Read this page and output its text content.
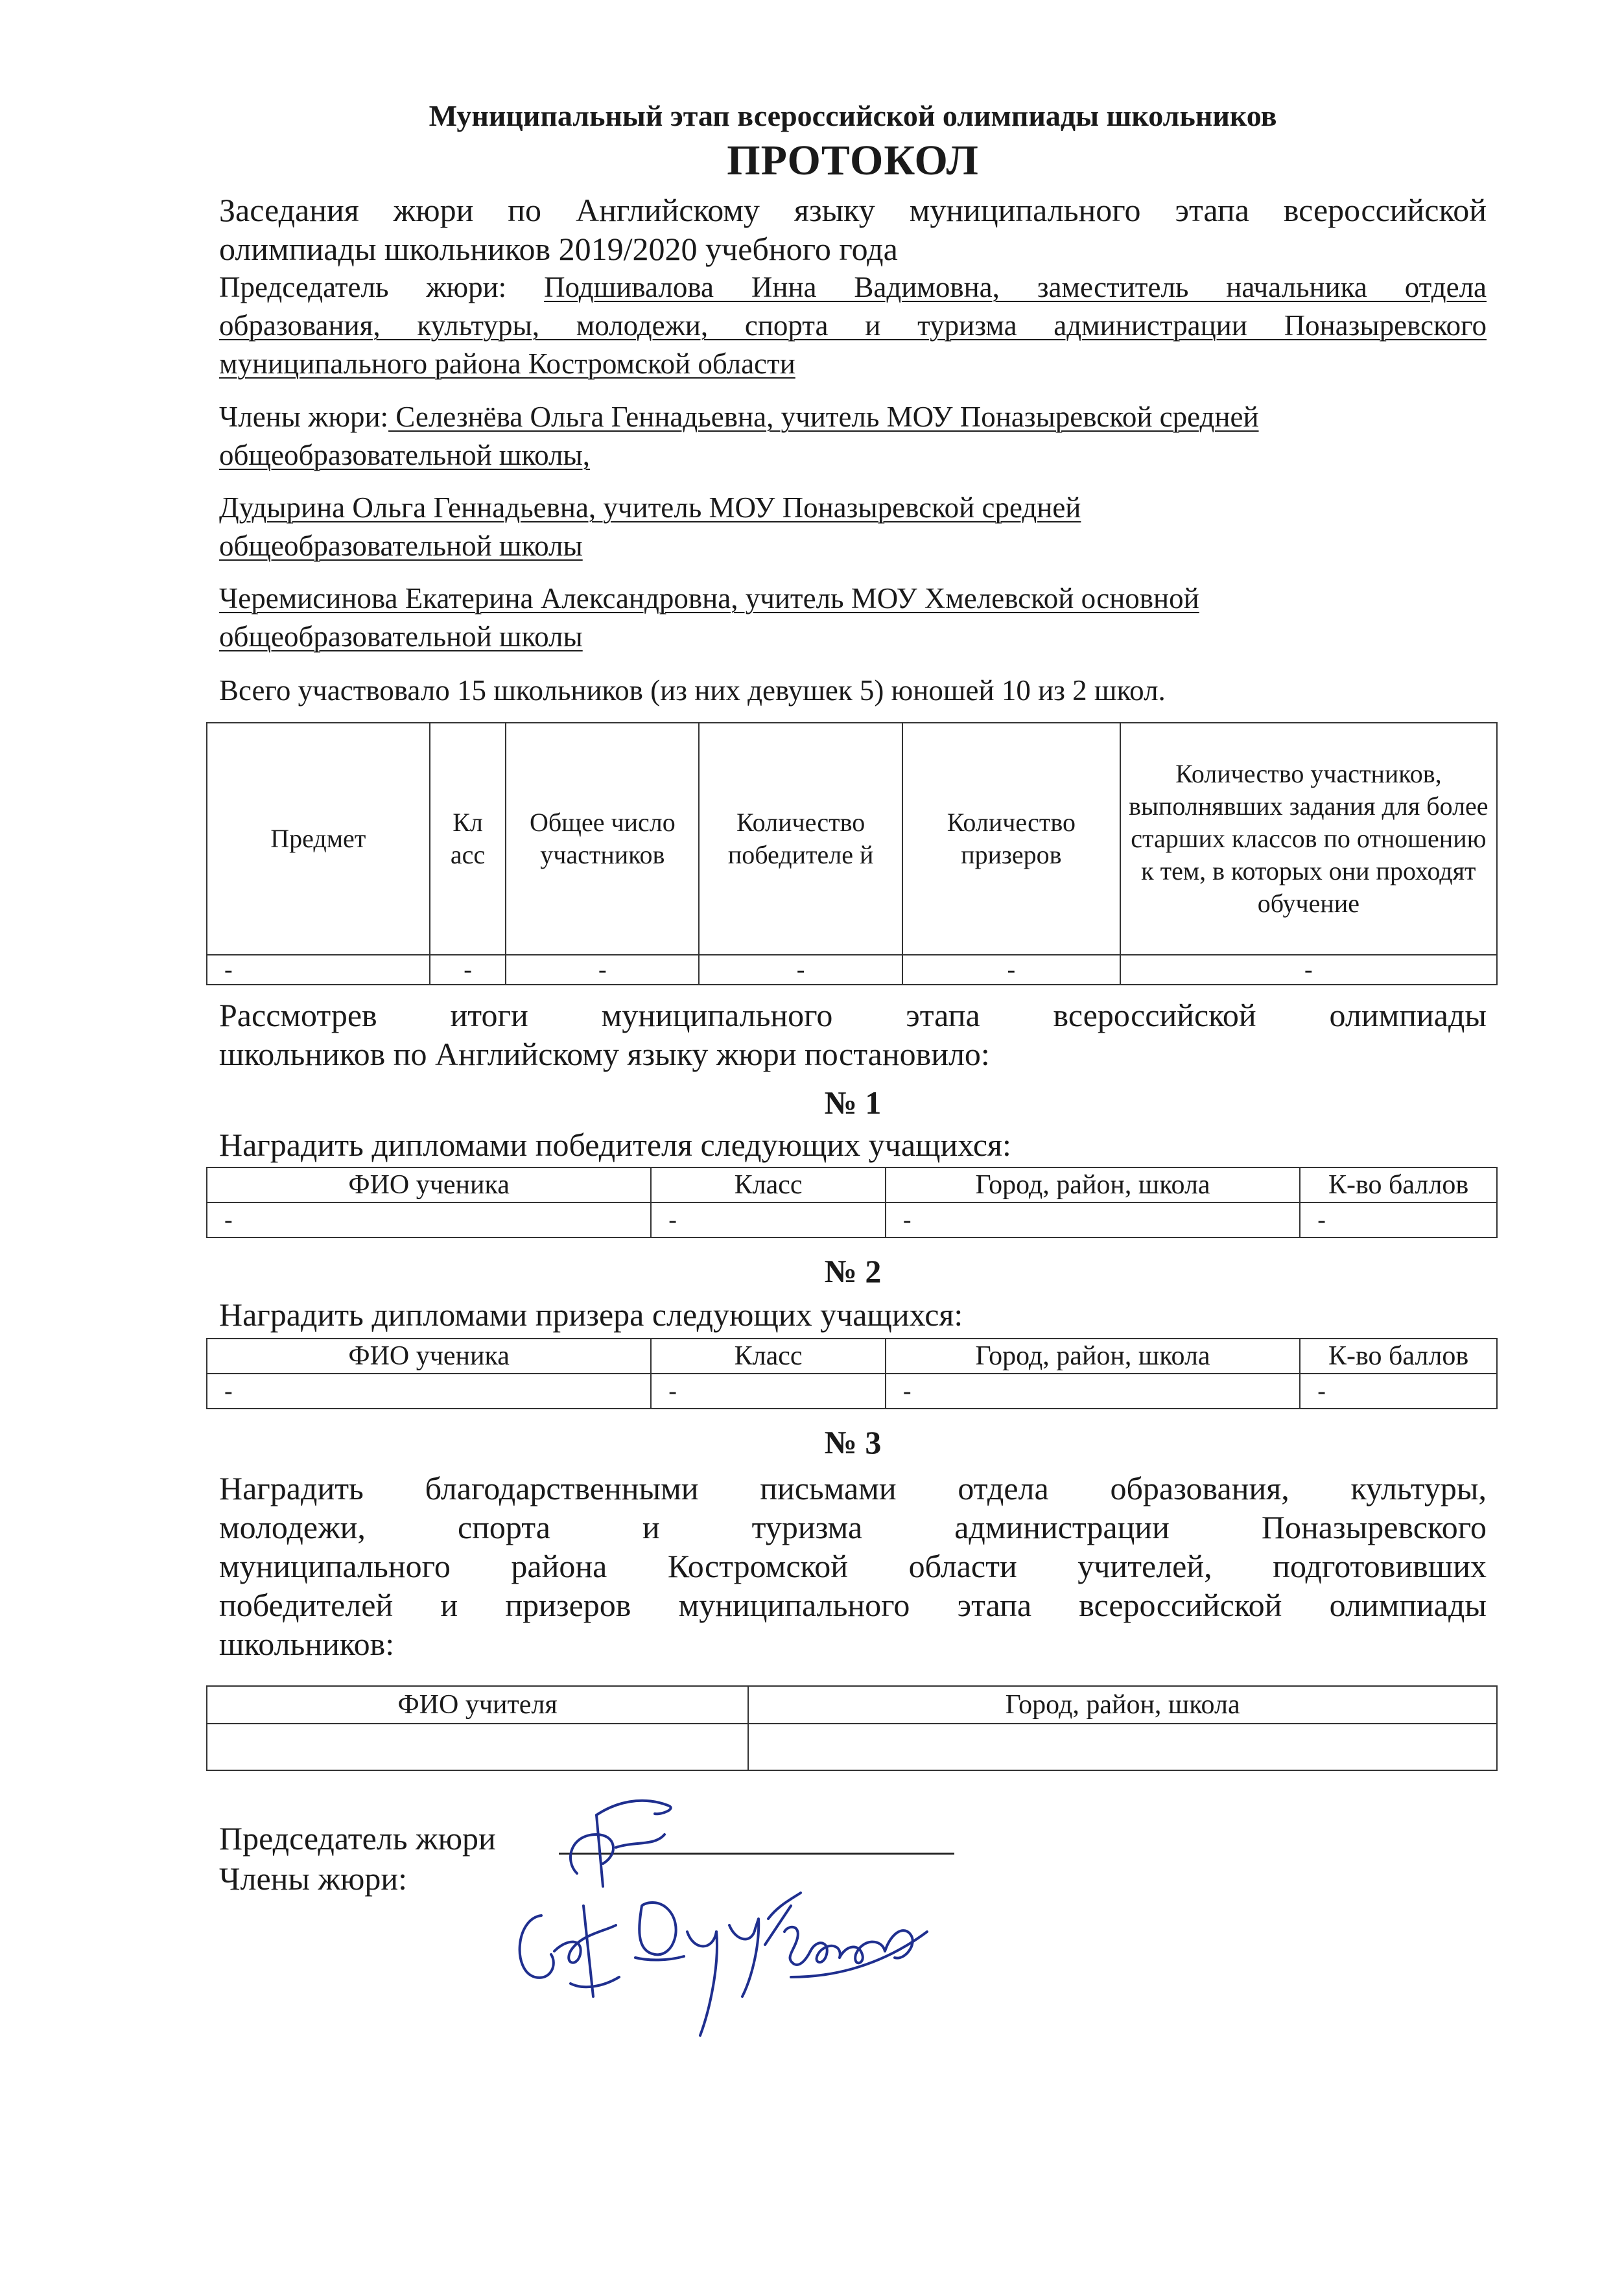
Муниципальный этап всероссийской олимпиады школьников
ПРОТОКОЛ
Заседания жюри по Английскому языку муниципального этапа всероссийской
олимпиады школьников 2019/2020 учебного года
Председатель жюри: Подшивалова Инна Вадимовна, заместитель начальника отдела
образования, культуры, молодежи, спорта и туризма администрации Поназыревского
муниципального района Костромской области
Члены жюри: Селезнёва Ольга Геннадьевна, учитель МОУ Поназыревской средней
общеобразовательной школы,
Дудырина Ольга Геннадьевна, учитель МОУ Поназыревской средней
общеобразовательной школы
Черемисинова Екатерина Александровна, учитель МОУ Хмелевской основной
общеобразовательной школы
Всего участвовало 15 школьников (из них девушек 5) юношей 10 из 2 школ.
Предмет	Кл асс	Общее число участников	Количество победителе й	Количество призеров	Количество участников, выполнявших задания для более старших классов по отношению к тем, в которых они проходят обучение
-	-	-	-	-	-
Рассмотрев итоги муниципального этапа всероссийской олимпиады
школьников по Английскому языку жюри постановило:
№ 1
Наградить дипломами победителя следующих учащихся:
ФИО ученика	Класс	Город, район, школа	К-во баллов
-	-	-	-
№ 2
Наградить дипломами призера следующих учащихся:
ФИО ученика	Класс	Город, район, школа	К-во баллов
-	-	-	-
№ 3
Наградить благодарственными письмами отдела образования, культуры,
молодежи, спорта и туризма администрации Поназыревского
муниципального района Костромской области учителей, подготовивших
победителей и призеров муниципального этапа всероссийской олимпиады
школьников:
ФИО учителя	Город, район, школа

Председатель жюри
Члены жюри:
